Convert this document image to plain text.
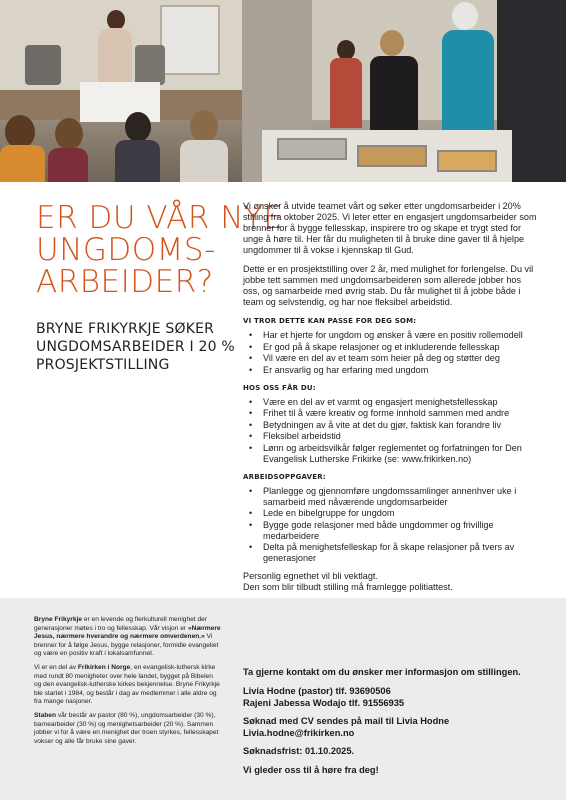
ER DU VÅR NYE
UNGDOMS-
ARBEIDER?
BRYNE FRIKYRKJE SØKER
UNGDOMSARBEIDER I 20 %
PROSJEKTSTILLING

Vi ønsker å utvide teamet vårt og søker etter ungdomsarbeider i 20% stilling fra oktober 2025. Vi leter etter en engasjert ungdomsarbeider som brenner for å bygge fellesskap, inspirere tro og skape et trygt sted for unge å høre til. Her får du muligheten til å bruke dine gaver til å hjelpe ungdommer til å vokse i kjennskap til Gud.

Dette er en prosjektstilling over 2 år, med mulighet for forlengelse. Du vil jobbe tett sammen med ungdomsarbeideren som allerede jobber hos oss, og samarbeide med øvrig stab. Du får mulighet til å jobbe både i team og selvstendig, og har noe fleksibel arbeidstid.

VI TROR DETTE KAN PASSE FOR DEG SOM:
• Har et hjerte for ungdom og ønsker å være en positiv rollemodell
• Er god på å skape relasjoner og et inkluderende fellesskap
• Vil være en del av et team som heier på deg og støtter deg
• Er ansvarlig og har erfaring med ungdom
HOS OSS FÅR DU:
• Være en del av et varmt og engasjert menighetsfellesskap
• Frihet til å være kreativ og forme innhold sammen med andre
• Betydningen av å vite at det du gjør, faktisk kan forandre liv
• Fleksibel arbeidstid
• Lønn og arbeidsvilkår følger reglementet og forfatningen for Den Evangelisk Lutherske Frikirke (se: www.frikirken.no)
ARBEIDSOPPGAVER:
• Planlegge og gjennomføre ungdomssamlinger annenhver uke i samarbeid med nåværende ungdomsarbeider
• Lede en bibelgruppe for ungdom
• Bygge gode relasjoner med både ungdommer og frivillige medarbeidere
• Delta på menighetsfelleskap for å skape relasjoner på tvers av generasjoner
Personlig egnethet vil bli vektlagt.
Den som blir tilbudt stilling må framlegge politiattest.

Bryne Frikyrkje er en levende og flerkulturell menighet der generasjoner møtes i tro og fellesskap. Vår visjon er «Nærmere Jesus, nærmere hverandre og nærmere omverdenen.» Vi brenner for å følge Jesus, bygge relasjoner, formidle evangeliet og være en positiv kraft i lokalsamfunnet.

Vi er en del av Frikirken i Norge, en evangelisk-luthersk kirke med rundt 80 menigheter over hele landet, bygget på Bibelen og den evangelisk-lutherske kirkes bekjennelse. Bryne Frikyrkje ble startet i 1984, og består i dag av medlemmer i alle aldre og fra mange nasjoner.

Staben vår består av pastor (80 %), ungdomsarbeider (30 %), barnearbeider (30 %) og menighetsarbeider (20 %). Sammen jobber vi for å være en menighet der troen styrkes, fellesskapet vokser og alle får bruke sine gaver.

Ta gjerne kontakt om du ønsker mer informasjon om stillingen.

Livia Hodne (pastor) tlf. 93690506
Rajeni Jabessa Wodajo tlf. 91556935
Søknad med CV sendes på mail til Livia Hodne
Livia.hodne@frikirken.no

Søknadsfrist: 01.10.2025.

Vi gleder oss til å høre fra deg!
